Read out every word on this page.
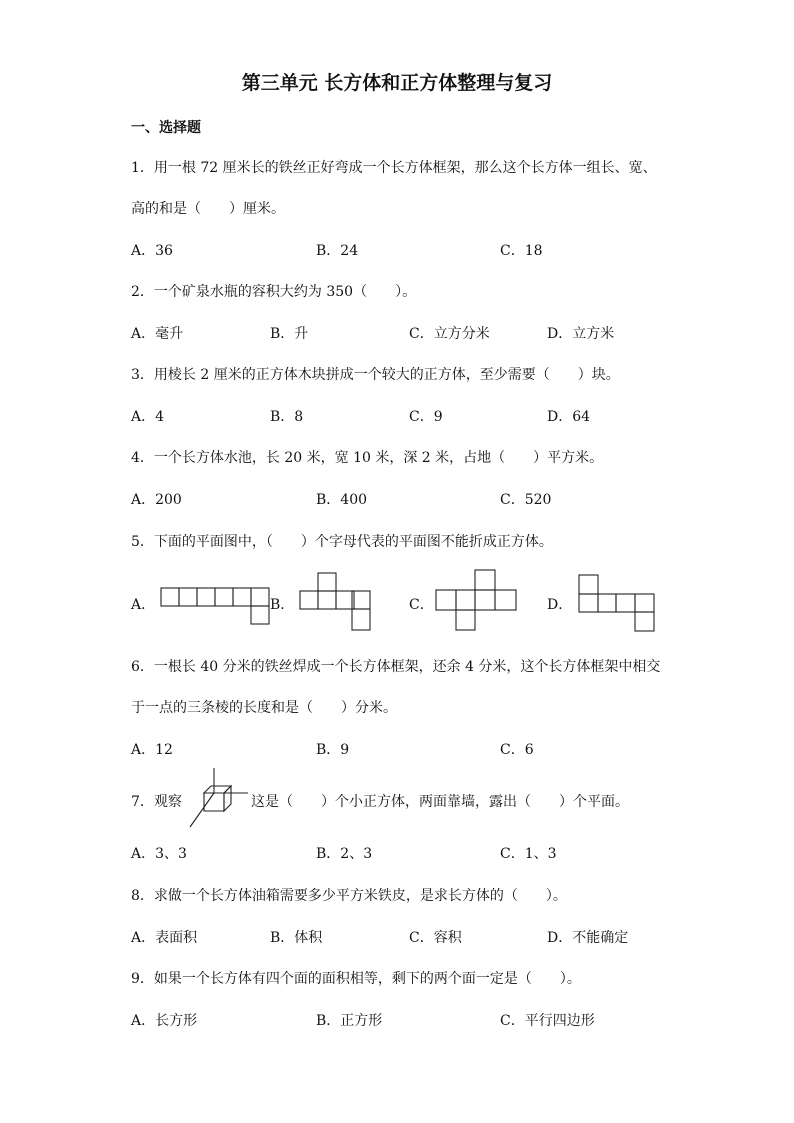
第三单元 长方体和正方体整理与复习
一、选择题
1．用一根 72 厘米长的铁丝正好弯成一个长方体框架，那么这个长方体一组长、宽、
高的和是（　　）厘米。
A．36	B．24	C．18
2．一个矿泉水瓶的容积大约为 350（　　）。
A．毫升	B．升	C．立方分米	D．立方米
3．用棱长 2 厘米的正方体木块拼成一个较大的正方体，至少需要（　　）块。
A．4	B．8	C．9	D．64
4．一个长方体水池，长 20 米，宽 10 米，深 2 米，占地（　　）平方米。
A．200	B．400	C．520
5．下面的平面图中，（　　）个字母代表的平面图不能折成正方体。
A．	B．	C．	D．
6．一根长 40 分米的铁丝焊成一个长方体框架，还余 4 分米，这个长方体框架中相交
于一点的三条棱的长度和是（　　）分米。
A．12	B．9	C．6
7．观察	这是（　　）个小正方体，两面靠墙，露出（　　）个平面。
A．3、3	B．2、3	C．1、3
8．求做一个长方体油箱需要多少平方米铁皮，是求长方体的（　　）。
A．表面积	B．体积	C．容积	D．不能确定
9．如果一个长方体有四个面的面积相等，剩下的两个面一定是（　　）。
A．长方形	B．正方形	C．平行四边形
